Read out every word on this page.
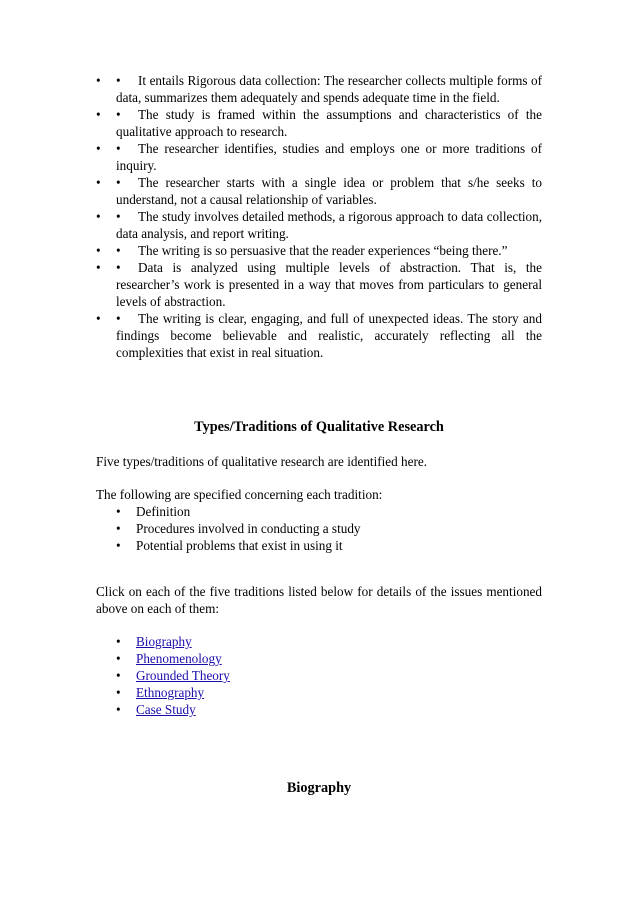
• • It entails Rigorous data collection: The researcher collects multiple forms of data, summarizes them adequately and spends adequate time in the field.
• • The study is framed within the assumptions and characteristics of the qualitative approach to research.
• • The researcher identifies, studies and employs one or more traditions of inquiry.
• • The researcher starts with a single idea or problem that s/he seeks to understand, not a causal relationship of variables.
• • The study involves detailed methods, a rigorous approach to data collection, data analysis, and report writing.
• • The writing is so persuasive that the reader experiences “being there.”
• • Data is analyzed using multiple levels of abstraction. That is, the researcher’s work is presented in a way that moves from particulars to general levels of abstraction.
• • The writing is clear, engaging, and full of unexpected ideas. The story and findings become believable and realistic, accurately reflecting all the complexities that exist in real situation.
Types/Traditions of Qualitative Research

Five types/traditions of qualitative research are identified here.

The following are specified concerning each tradition:

• Definition
• Procedures involved in conducting a study
• Potential problems that exist in using it

Click on each of the five traditions listed below for details of the issues mentioned above on each of them:

• Biography
• Phenomenology
• Grounded Theory
• Ethnography
• Case Study
Biography
